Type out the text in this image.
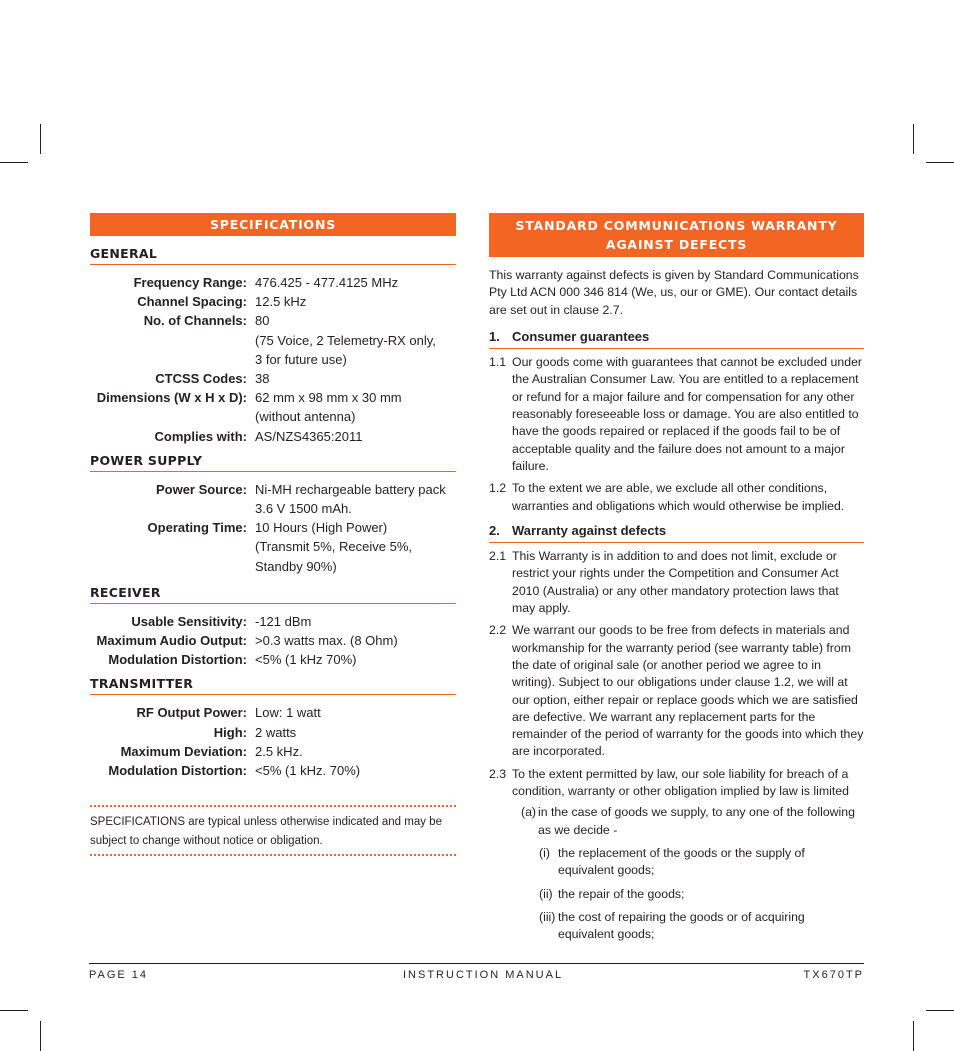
SPECIFICATIONS
GENERAL
Frequency Range: 476.425 - 477.4125 MHz
Channel Spacing: 12.5 kHz
No. of Channels: 80
(75 Voice, 2 Telemetry-RX only,
3 for future use)
CTCSS Codes: 38
Dimensions (W x H x D): 62 mm x 98 mm x 30 mm
(without antenna)
Complies with: AS/NZS4365:2011
POWER SUPPLY
Power Source: Ni-MH rechargeable battery pack
3.6 V 1500 mAh.
Operating Time: 10 Hours (High Power)
(Transmit 5%, Receive 5%,
Standby 90%)
RECEIVER
Usable Sensitivity: -121 dBm
Maximum Audio Output: >0.3 watts max. (8 Ohm)
Modulation Distortion: <5% (1 kHz 70%)
TRANSMITTER
RF Output Power: Low: 1 watt
High: 2 watts
Maximum Deviation: 2.5 kHz.
Modulation Distortion: <5% (1 kHz. 70%)
SPECIFICATIONS are typical unless otherwise indicated and may be subject to change without notice or obligation.
STANDARD COMMUNICATIONS WARRANTY
AGAINST DEFECTS
This warranty against defects is given by Standard Communications Pty Ltd ACN 000 346 814 (We, us, our or GME). Our contact details are set out in clause 2.7.
1. Consumer guarantees
1.1 Our goods come with guarantees that cannot be excluded under the Australian Consumer Law. You are entitled to a replacement or refund for a major failure and for compensation for any other reasonably foreseeable loss or damage. You are also entitled to have the goods repaired or replaced if the goods fail to be of acceptable quality and the failure does not amount to a major failure.
1.2 To the extent we are able, we exclude all other conditions, warranties and obligations which would otherwise be implied.
2. Warranty against defects
2.1 This Warranty is in addition to and does not limit, exclude or restrict your rights under the Competition and Consumer Act 2010 (Australia) or any other mandatory protection laws that may apply.
2.2 We warrant our goods to be free from defects in materials and workmanship for the warranty period (see warranty table) from the date of original sale (or another period we agree to in writing). Subject to our obligations under clause 1.2, we will at our option, either repair or replace goods which we are satisfied are defective. We warrant any replacement parts for the remainder of the period of warranty for the goods into which they are incorporated.
2.3 To the extent permitted by law, our sole liability for breach of a condition, warranty or other obligation implied by law is limited
(a) in the case of goods we supply, to any one of the following as we decide -
(i) the replacement of the goods or the supply of equivalent goods;
(ii) the repair of the goods;
(iii) the cost of repairing the goods or of acquiring equivalent goods;
PAGE 14	INSTRUCTION MANUAL	TX670TP
